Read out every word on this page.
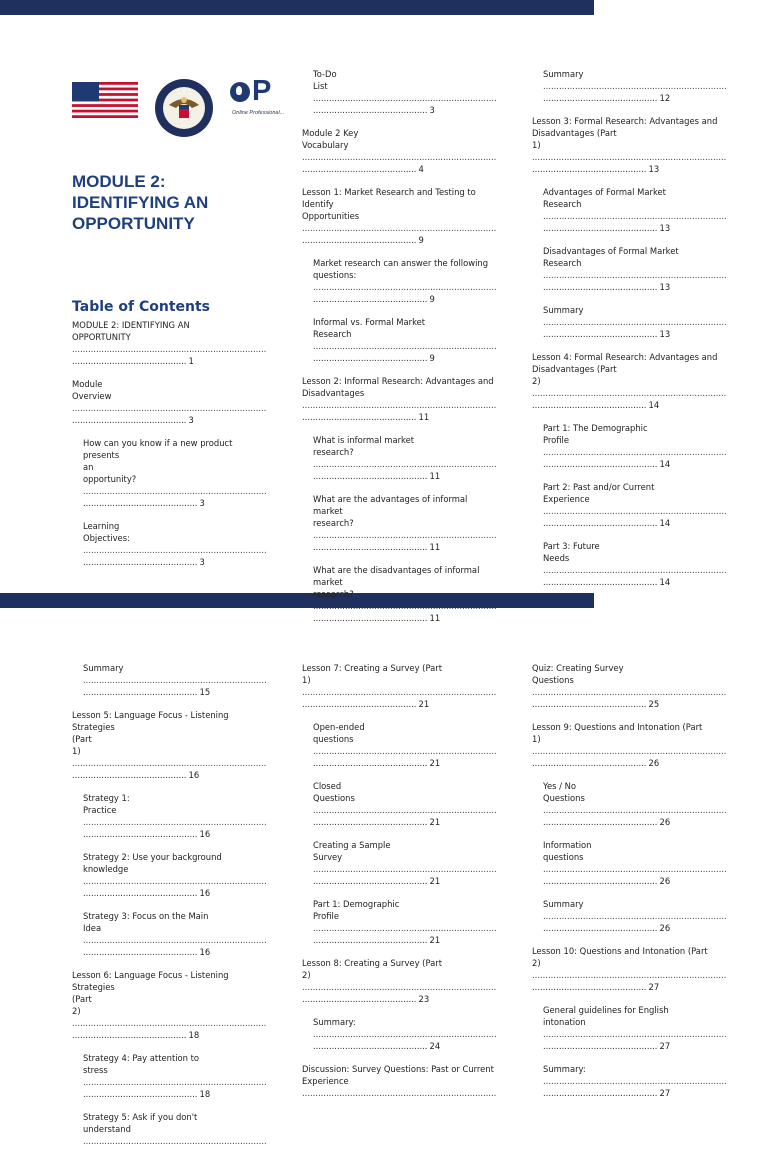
P
Online Professional...
MODULE 2:
IDENTIFYING AN
OPPORTUNITY
Table of Contents
MODULE 2: IDENTIFYING AN
OPPORTUNITY
.....
..... 1
Module
Overview
.....
..... 3
How can you know if a new product presents
an
opportunity?
.....
..... 3
Learning
Objectives:
.....
..... 3
To-Do
List
.....
..... 3
Module 2 Key
Vocabulary
.....
..... 4
Lesson 1: Market Research and Testing to
Identify
Opportunities
.....
..... 9
Market research can answer the following
questions:
.....
..... 9
Informal vs. Formal Market
Research
.....
..... 9
Lesson 2: Informal Research: Advantages and
Disadvantages
.....
..... 11
What is informal market
research?
.....
..... 11
What are the advantages of informal market
research?
.....
..... 11
What are the disadvantages of informal
market
research?
.....
..... 11
Summary
.....
..... 12
Lesson 3: Formal Research: Advantages and
Disadvantages (Part
1)
.....
..... 13
Advantages of Formal Market
Research
.....
..... 13
Disadvantages of Formal Market
Research
.....
..... 13
Summary
.....
..... 13
Lesson 4: Formal Research: Advantages and
Disadvantages (Part
2)
.....
..... 14
Part 1: The Demographic
Profile
.....
..... 14
Part 2: Past and/or Current
Experience
.....
..... 14
Part 3: Future
Needs
.....
..... 14
Summary
.....
..... 15
Lesson 5: Language Focus - Listening Strategies
(Part
1)
.....
..... 16
Strategy 1:
Practice
.....
..... 16
Strategy 2: Use your background
knowledge
.....
..... 16
Strategy 3: Focus on the Main
Idea
.....
..... 16
Lesson 6: Language Focus - Listening Strategies
(Part
2)
.....
..... 18
Strategy 4: Pay attention to
stress
.....
..... 18
Strategy 5: Ask if you don't
understand
.....
Lesson 7: Creating a Survey (Part
1)
.....
..... 21
Open-ended
questions
.....
..... 21
Closed
Questions
.....
..... 21
Creating a Sample
Survey
.....
..... 21
Part 1: Demographic
Profile
.....
..... 21
Lesson 8: Creating a Survey (Part
2)
.....
..... 23
Summary:
.....
..... 24
Discussion: Survey Questions: Past or Current
Experience
.....
Quiz: Creating Survey
Questions
.....
..... 25
Lesson 9: Questions and Intonation (Part
1)
.....
..... 26
Yes / No
Questions
.....
..... 26
Information
questions
.....
..... 26
Summary
.....
..... 26
Lesson 10: Questions and Intonation (Part
2)
.....
..... 27
General guidelines for English
intonation
.....
..... 27
Summary:
.....
..... 27
